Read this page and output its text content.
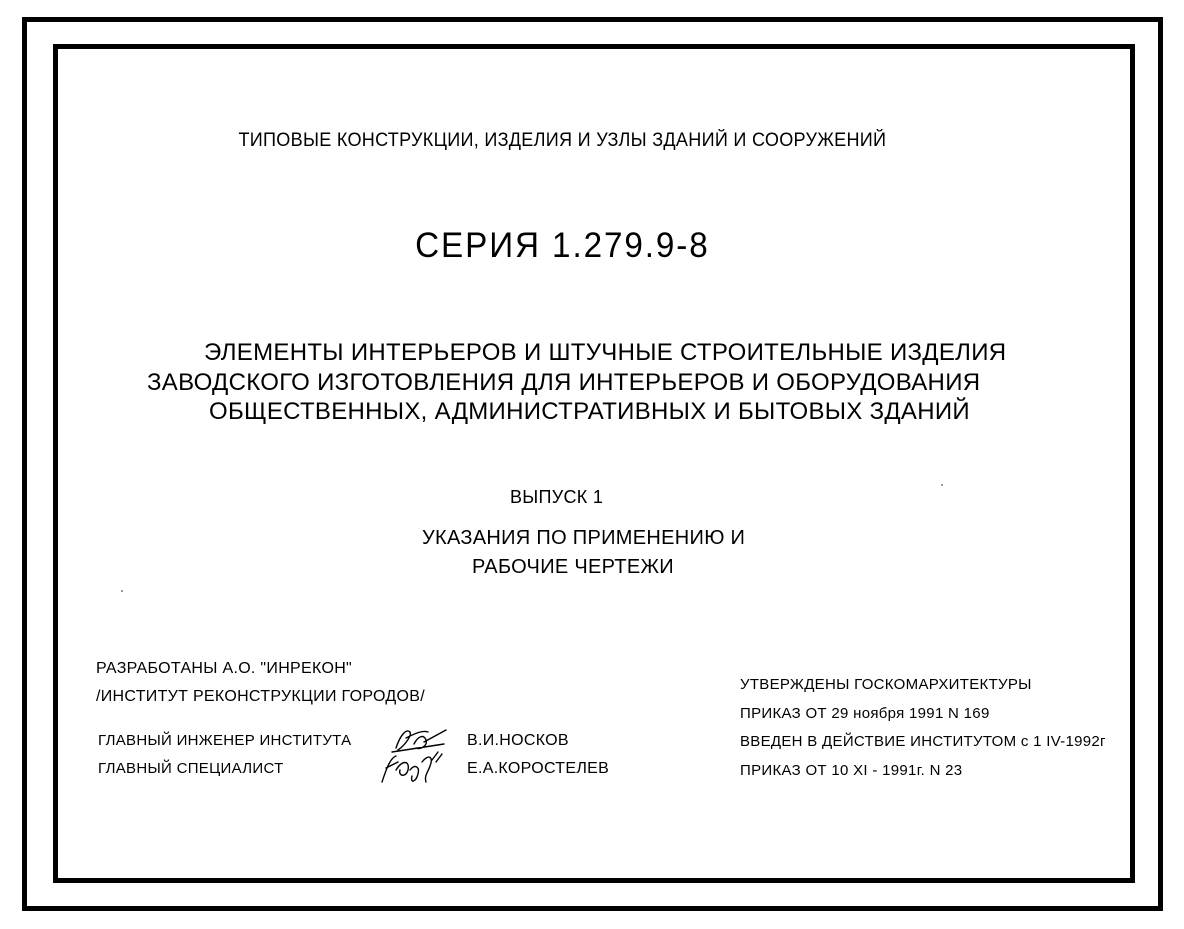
ТИПОВЫЕ КОНСТРУКЦИИ, ИЗДЕЛИЯ И УЗЛЫ ЗДАНИЙ И СООРУЖЕНИЙ
СЕРИЯ 1.279.9-8
ЭЛЕМЕНТЫ ИНТЕРЬЕРОВ И ШТУЧНЫЕ СТРОИТЕЛЬНЫЕ ИЗДЕЛИЯ
ЗАВОДСКОГО ИЗГОТОВЛЕНИЯ ДЛЯ ИНТЕРЬЕРОВ И ОБОРУДОВАНИЯ
ОБЩЕСТВЕННЫХ, АДМИНИСТРАТИВНЫХ И БЫТОВЫХ ЗДАНИЙ
ВЫПУСК 1
УКАЗАНИЯ ПО ПРИМЕНЕНИЮ И
РАБОЧИЕ ЧЕРТЕЖИ
РАЗРАБОТАНЫ А.О. "ИНРЕКОН"
/ИНСТИТУТ РЕКОНСТРУКЦИИ ГОРОДОВ/
ГЛАВНЫЙ ИНЖЕНЕР ИНСТИТУТА
ГЛАВНЫЙ СПЕЦИАЛИСТ
В.И.НОСКОВ
Е.А.КОРОСТЕЛЕВ
УТВЕРЖДЕНЫ ГОСКОМАРХИТЕКТУРЫ
ПРИКАЗ ОТ 29 ноября 1991 N 169
ВВЕДЕН В ДЕЙСТВИЕ ИНСТИТУТОМ с 1 IV-1992г
ПРИКАЗ ОТ 10 XI - 1991г. N 23
